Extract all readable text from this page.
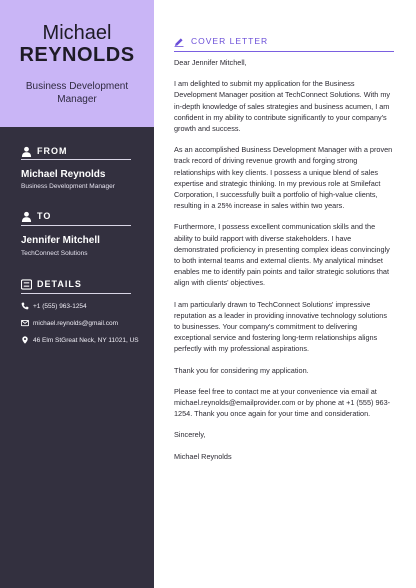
Michael
REYNOLDS
Business Development Manager
FROM
Michael Reynolds
Business Development Manager
TO
Jennifer Mitchell
TechConnect Solutions
DETAILS
+1 (555) 963-1254
michael.reynolds@gmail.com
46 Elm StGreat Neck, NY 11021, US
COVER LETTER

Dear Jennifer Mitchell,

I am delighted to submit my application for the Business Development Manager position at TechConnect Solutions. With my in-depth knowledge of sales strategies and business acumen, I am confident in my ability to contribute significantly to your company's growth and success.

As an accomplished Business Development Manager with a proven track record of driving revenue growth and forging strong relationships with key clients. I possess a unique blend of sales expertise and strategic thinking. In my previous role at Smilefact Corporation, I successfully built a portfolio of high-value clients, resulting in a 25% increase in sales within two years.

Furthermore, I possess excellent communication skills and the ability to build rapport with diverse stakeholders. I have demonstrated proficiency in presenting complex ideas convincingly to both internal teams and external clients. My analytical mindset enables me to identify pain points and tailor strategic solutions that align with clients' objectives.

I am particularly drawn to TechConnect Solutions' impressive reputation as a leader in providing innovative technology solutions to businesses. Your company's commitment to delivering exceptional service and fostering long-term relationships aligns perfectly with my professional aspirations.

Thank you for considering my application.

Please feel free to contact me at your convenience via email at michael.reynolds@emailprovider.com or by phone at +1 (555) 963-1254. Thank you once again for your time and consideration.

Sincerely,

Michael Reynolds
